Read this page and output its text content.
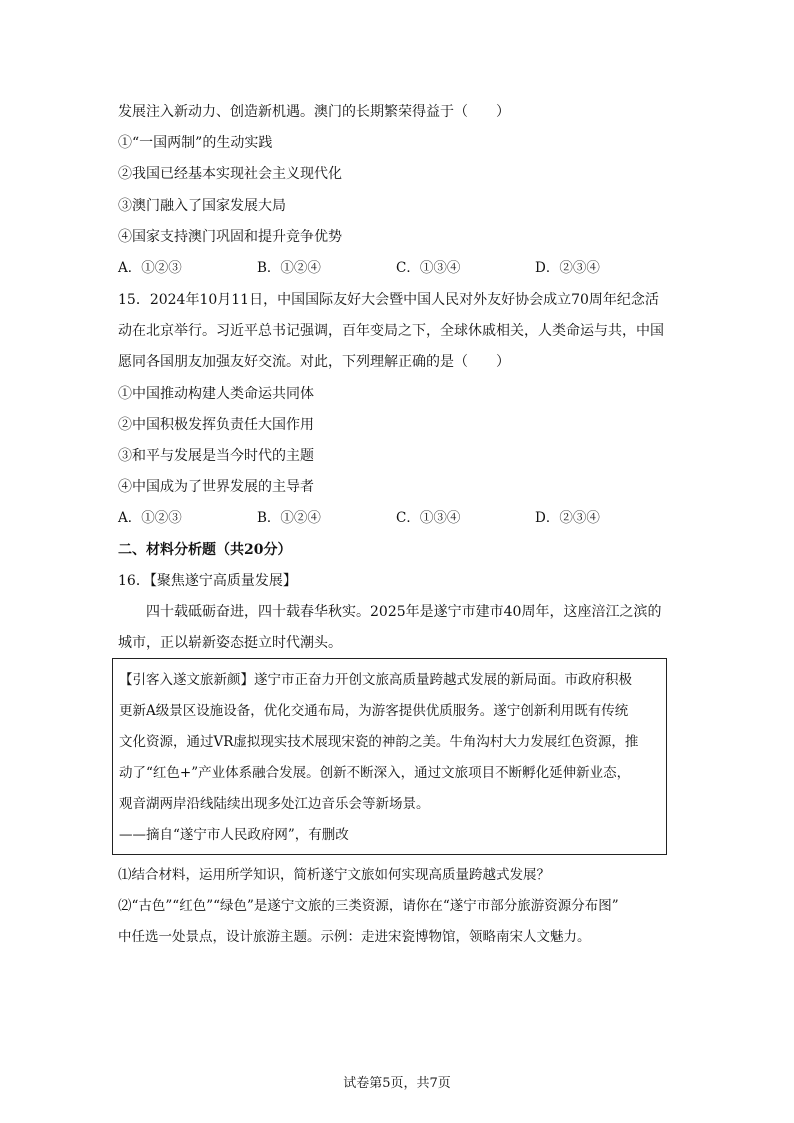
发展注入新动力、创造新机遇。澳门的长期繁荣得益于（　　）
①“一国两制”的生动实践
②我国已经基本实现社会主义现代化
③澳门融入了国家发展大局
④国家支持澳门巩固和提升竞争优势
A．①②③	B．①②④	C．①③④	D．②③④
15．2024年10月11日，中国国际友好大会暨中国人民对外友好协会成立70周年纪念活
动在北京举行。习近平总书记强调，百年变局之下，全球休戚相关，人类命运与共，中国
愿同各国朋友加强友好交流。对此，下列理解正确的是（　　）
①中国推动构建人类命运共同体
②中国积极发挥负责任大国作用
③和平与发展是当今时代的主题
④中国成为了世界发展的主导者
A．①②③	B．①②④	C．①③④	D．②③④
二、材料分析题（共20分）
16．【聚焦遂宁高质量发展】
四十载砥砺奋进，四十载春华秋实。2025年是遂宁市建市40周年，这座涪江之滨的
城市，正以崭新姿态挺立时代潮头。
【引客入遂文旅新颜】遂宁市正奋力开创文旅高质量跨越式发展的新局面。市政府积极
更新A级景区设施设备，优化交通布局，为游客提供优质服务。遂宁创新利用既有传统
文化资源，通过VR虚拟现实技术展现宋瓷的神韵之美。牛角沟村大力发展红色资源，推
动了“红色+”产业体系融合发展。创新不断深入，通过文旅项目不断孵化延伸新业态，
观音湖两岸沿线陆续出现多处江边音乐会等新场景。
——摘自“遂宁市人民政府网”，有删改
⑴结合材料，运用所学知识，简析遂宁文旅如何实现高质量跨越式发展？
⑵“古色”“红色”“绿色”是遂宁文旅的三类资源，请你在“遂宁市部分旅游资源分布图”
中任选一处景点，设计旅游主题。示例：走进宋瓷博物馆，领略南宋人文魅力。
试卷第5页，共7页
